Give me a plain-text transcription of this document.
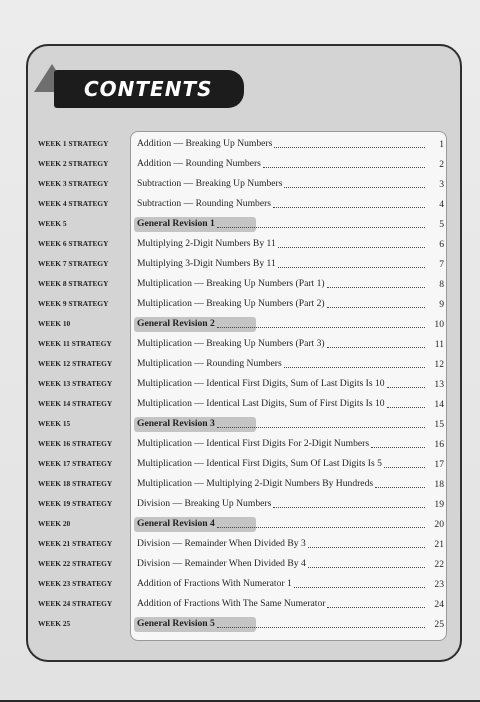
CONTENTS
WEEK 1 STRATEGY	Addition — Breaking Up Numbers	1
WEEK 2 STRATEGY	Addition — Rounding Numbers	2
WEEK 3 STRATEGY	Subtraction — Breaking Up Numbers	3
WEEK 4 STRATEGY	Subtraction — Rounding Numbers	4
WEEK 5	General Revision 1	5
WEEK 6 STRATEGY	Multiplying 2-Digit Numbers By 11	6
WEEK 7 STRATEGY	Multiplying 3-Digit Numbers By 11	7
WEEK 8 STRATEGY	Multiplication — Breaking Up Numbers (Part 1)	8
WEEK 9 STRATEGY	Multiplication — Breaking Up Numbers (Part 2)	9
WEEK 10	General Revision 2	10
WEEK 11 STRATEGY	Multiplication — Breaking Up Numbers (Part 3)	11
WEEK 12 STRATEGY	Multiplication — Rounding Numbers	12
WEEK 13 STRATEGY	Multiplication — Identical First Digits, Sum of Last Digits Is 10	13
WEEK 14 STRATEGY	Multiplication — Identical Last Digits, Sum of First Digits Is 10	14
WEEK 15	General Revision 3	15
WEEK 16 STRATEGY	Multiplication — Identical First Digits For 2-Digit Numbers	16
WEEK 17 STRATEGY	Multiplication — Identical First Digits, Sum Of Last Digits Is 5	17
WEEK 18 STRATEGY	Multiplication — Multiplying 2-Digit Numbers By Hundreds	18
WEEK 19 STRATEGY	Division — Breaking Up Numbers	19
WEEK 20	General Revision 4	20
WEEK 21 STRATEGY	Division — Remainder When Divided By 3	21
WEEK 22 STRATEGY	Division — Remainder When Divided By 4	22
WEEK 23 STRATEGY	Addition of Fractions With Numerator 1	23
WEEK 24 STRATEGY	Addition of Fractions With The Same Numerator	24
WEEK 25	General Revision 5	25
